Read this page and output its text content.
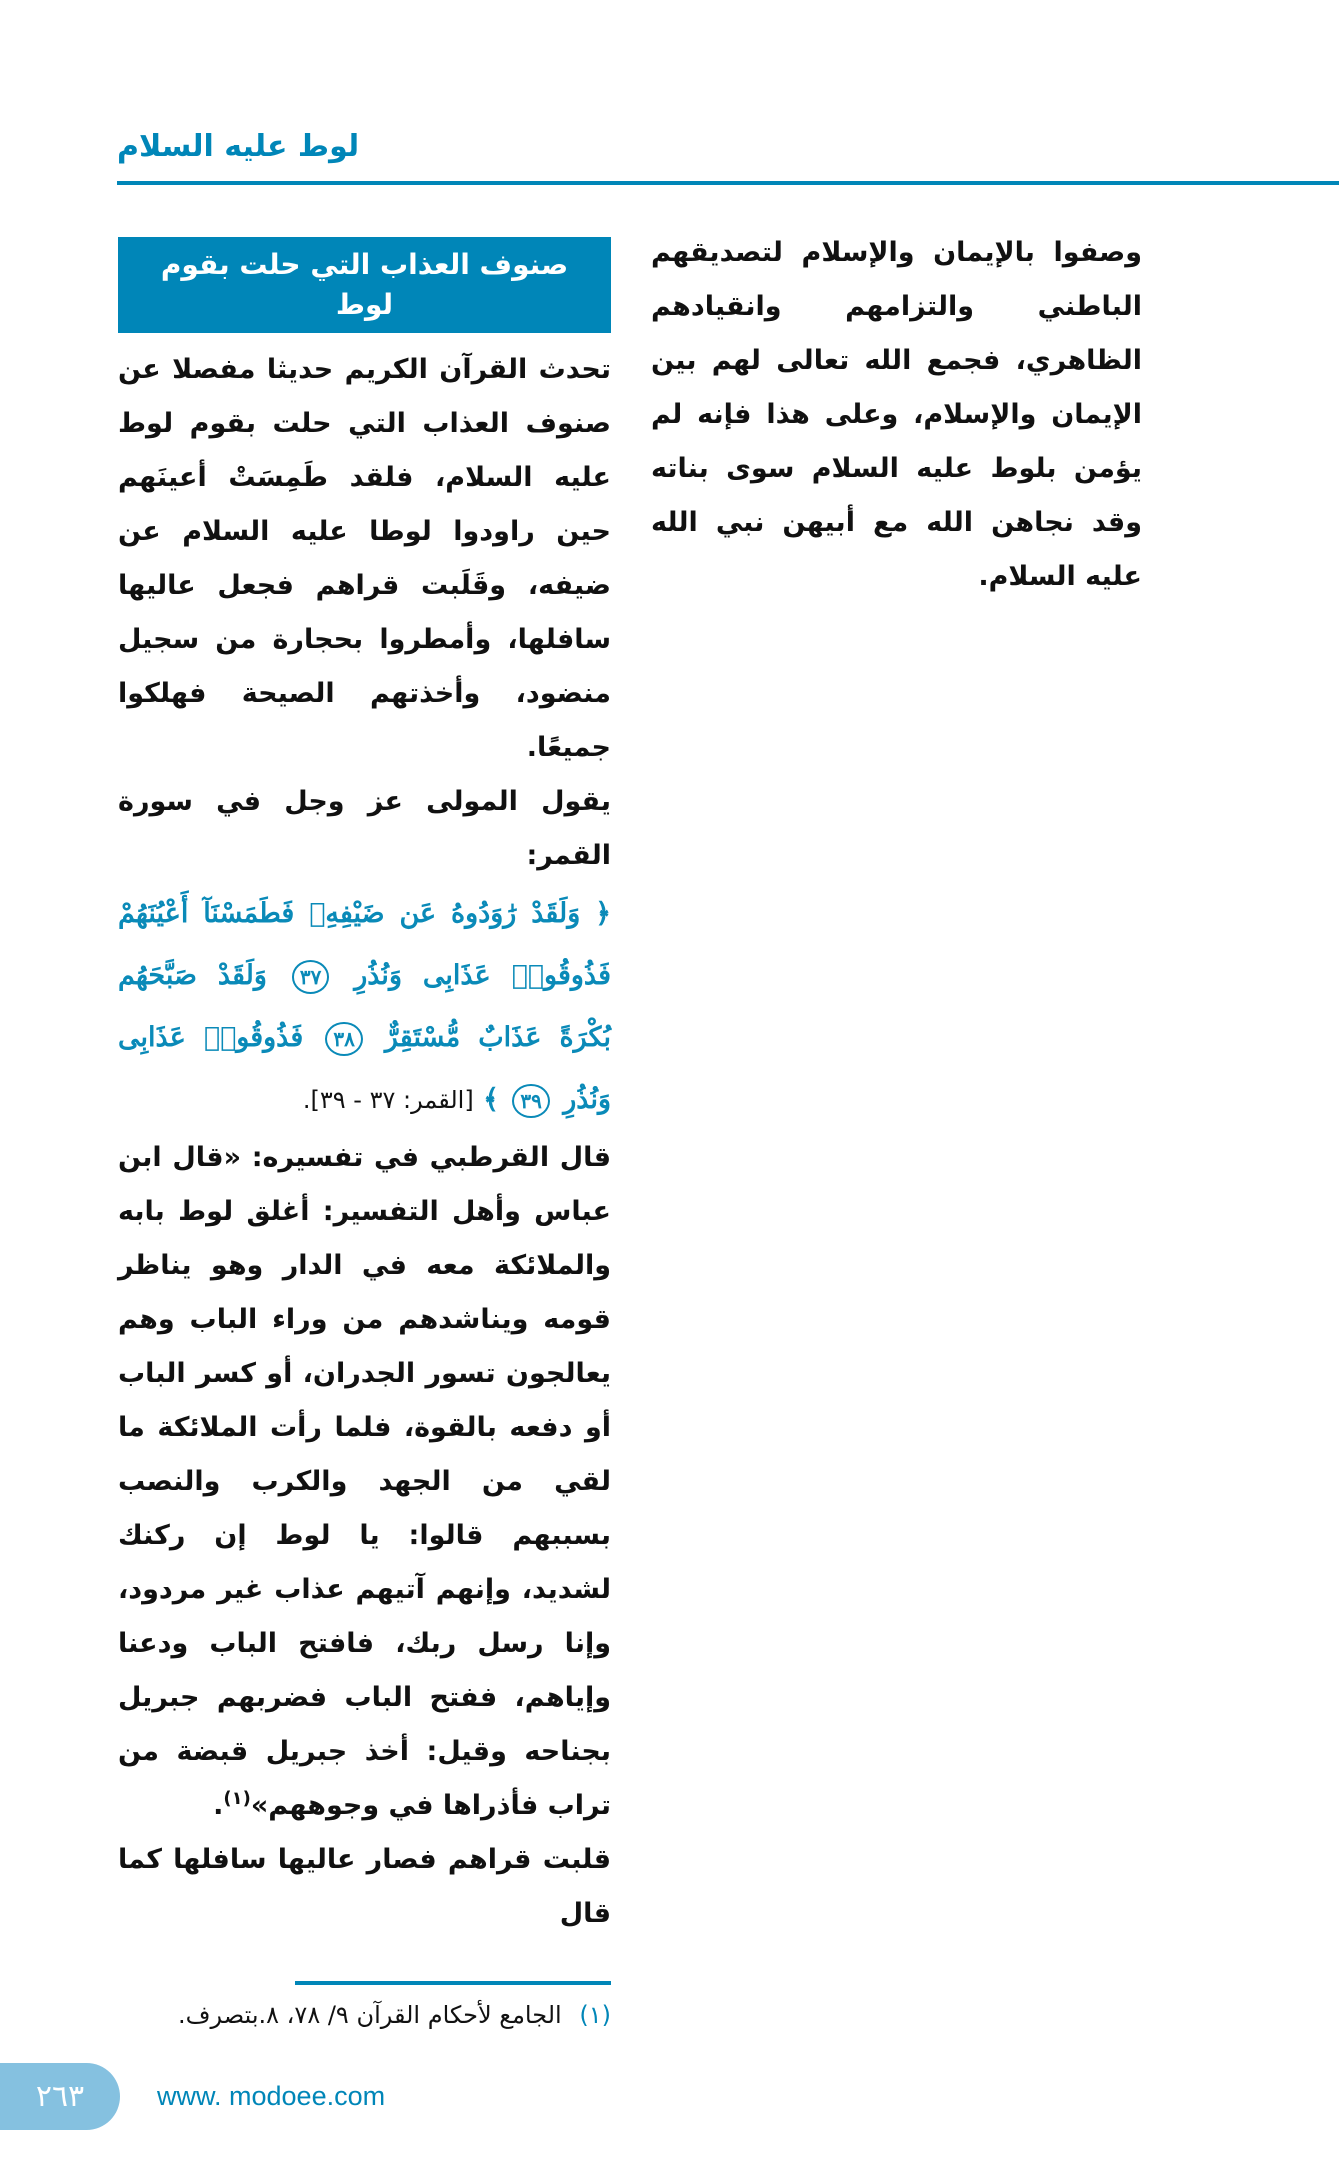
لوط عليه السلام

وصفوا بالإيمان والإسلام لتصديقهم الباطني والتزامهم وانقيادهم الظاهري، فجمع الله تعالى لهم بين الإيمان والإسلام، وعلى هذا فإنه لم يؤمن بلوط عليه السلام سوى بناته وقد نجاهن الله مع أبيهن نبي الله عليه السلام.

صنوف العذاب التي حلت بقوم لوط

تحدث القرآن الكريم حديثا مفصلا عن صنوف العذاب التي حلت بقوم لوط عليه السلام، فلقد طَمِسَتْ أعينَهم حين راودوا لوطا عليه السلام عن ضيفه، وقَلَبت قراهم فجعل عاليها سافلها، وأمطروا بحجارة من سجيل منضود، وأخذتهم الصيحة فهلكوا جميعًا.

يقول المولى عز وجل في سورة القمر:

﴿ وَلَقَدْ رَٰوَدُوهُ عَن ضَيْفِهِۦ فَطَمَسْنَآ أَعْيُنَهُمْ فَذُوقُوا۟ عَذَابِى وَنُذُرِ ٣٧ وَلَقَدْ صَبَّحَهُم بُكْرَةً عَذَابٌ مُّسْتَقِرٌّ ٣٨ فَذُوقُوا۟ عَذَابِى وَنُذُرِ ٣٩ ﴾ [القمر: ٣٧ - ٣٩].

قال القرطبي في تفسيره: «قال ابن عباس وأهل التفسير: أغلق لوط بابه والملائكة معه في الدار وهو يناظر قومه ويناشدهم من وراء الباب وهم يعالجون تسور الجدران، أو كسر الباب أو دفعه بالقوة، فلما رأت الملائكة ما لقي من الجهد والكرب والنصب بسببهم قالوا: يا لوط إن ركنك لشديد، وإنهم آتيهم عذاب غير مردود، وإنا رسل ربك، فافتح الباب ودعنا وإياهم، ففتح الباب فضربهم جبريل بجناحه وقيل: أخذ جبريل قبضة من تراب فأذراها في وجوههم»$^{(١)}$.

قلبت قراهم فصار عاليها سافلها كما قال

(١) الجامع لأحكام القرآن ٩/ ٧٨، ٨.بتصرف.
٢٦٣	www. modoee.com
